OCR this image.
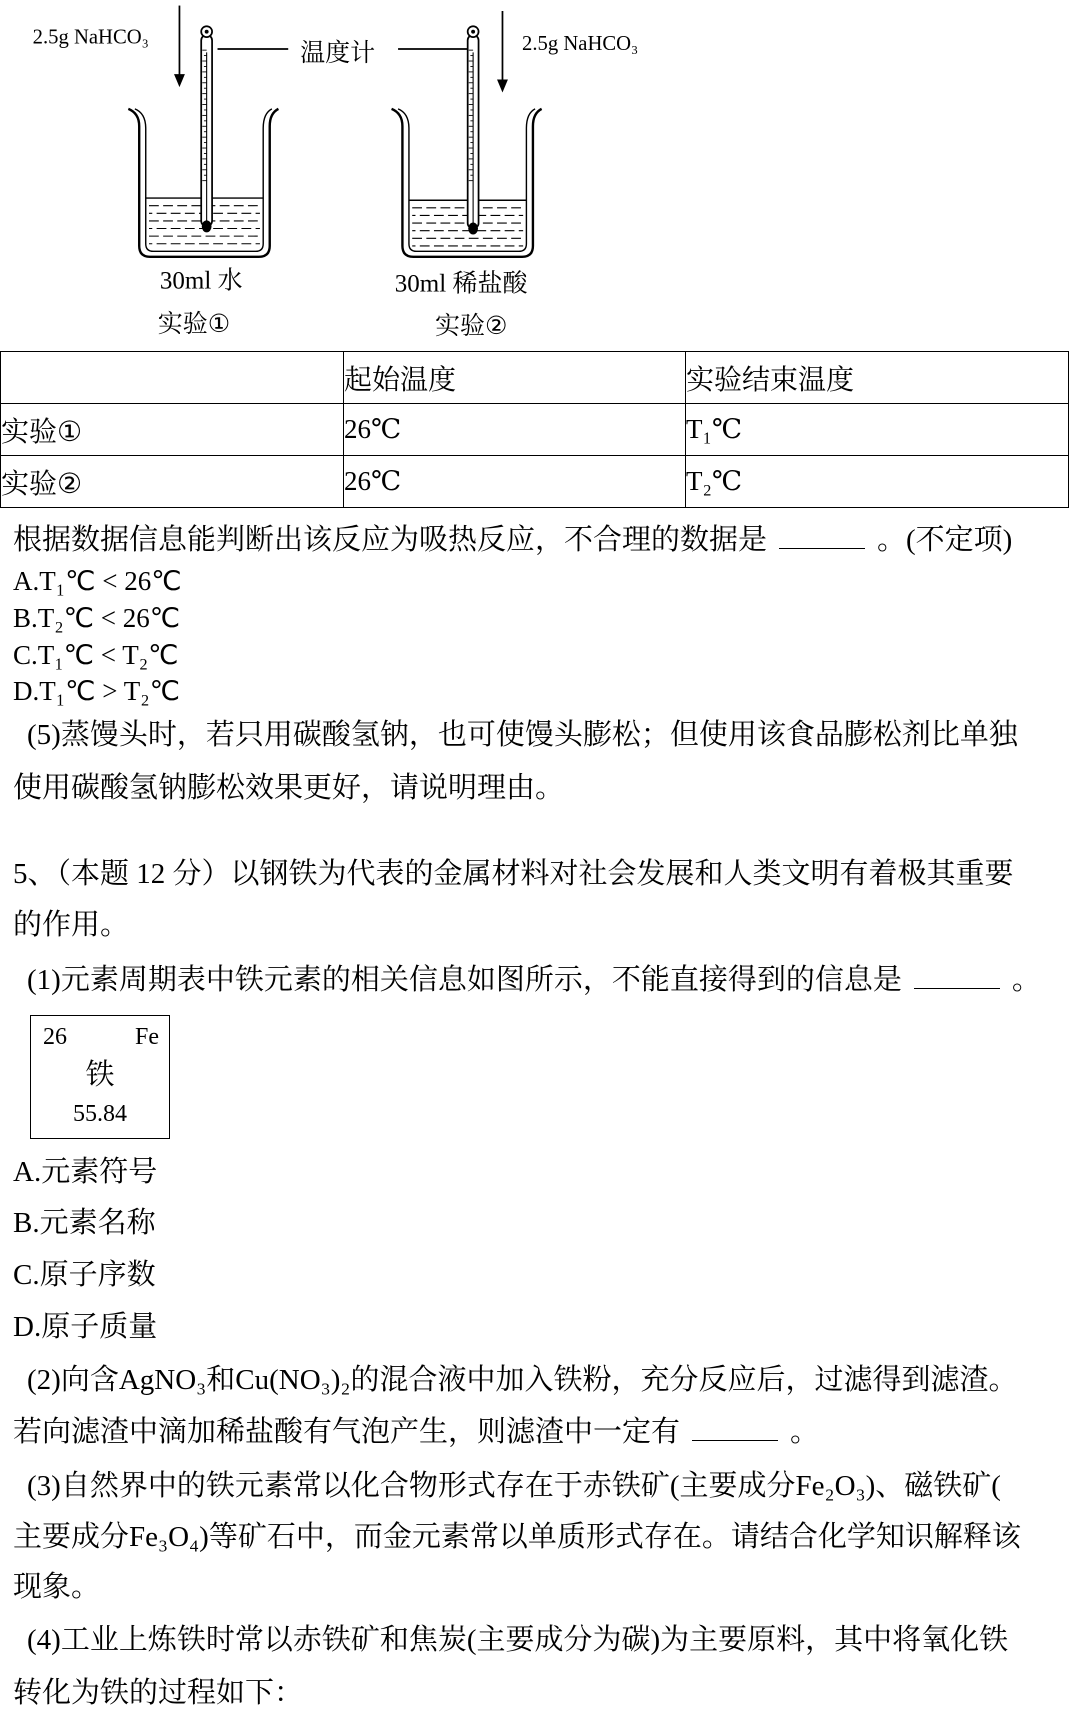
2.5g NaHCO₃	2.5g NaHCO₃
温度计
30ml 水
实验①
30ml 稀盐酸
实验②
	起始温度	实验结束温度
实验①	26℃	T₁℃
实验②	26℃	T₂℃
根据数据信息能判断出该反应为吸热反应，不合理的数据是	。(不定项)
A.T₁℃ < 26℃
B.T₂℃ < 26℃
C.T₁℃ < T₂℃
D.T₁℃ > T₂℃
(5)蒸馒头时，若只用碳酸氢钠，也可使馒头膨松；但使用该食品膨松剂比单独
使用碳酸氢钠膨松效果更好，请说明理由。
5、（本题 12 分）以钢铁为代表的金属材料对社会发展和人类文明有着极其重要
的作用。
(1)元素周期表中铁元素的相关信息如图所示，不能直接得到的信息是	。
26	Fe
铁
55.84
A.元素符号
B.元素名称
C.原子序数
D.原子质量
(2)向含AgNO₃和Cu(NO₃)₂的混合液中加入铁粉，充分反应后，过滤得到滤渣。
若向滤渣中滴加稀盐酸有气泡产生，则滤渣中一定有	。
(3)自然界中的铁元素常以化合物形式存在于赤铁矿(主要成分Fe₂O₃)、磁铁矿(
主要成分Fe₃O₄)等矿石中，而金元素常以单质形式存在。请结合化学知识解释该
现象。
(4)工业上炼铁时常以赤铁矿和焦炭(主要成分为碳)为主要原料，其中将氧化铁
转化为铁的过程如下：
